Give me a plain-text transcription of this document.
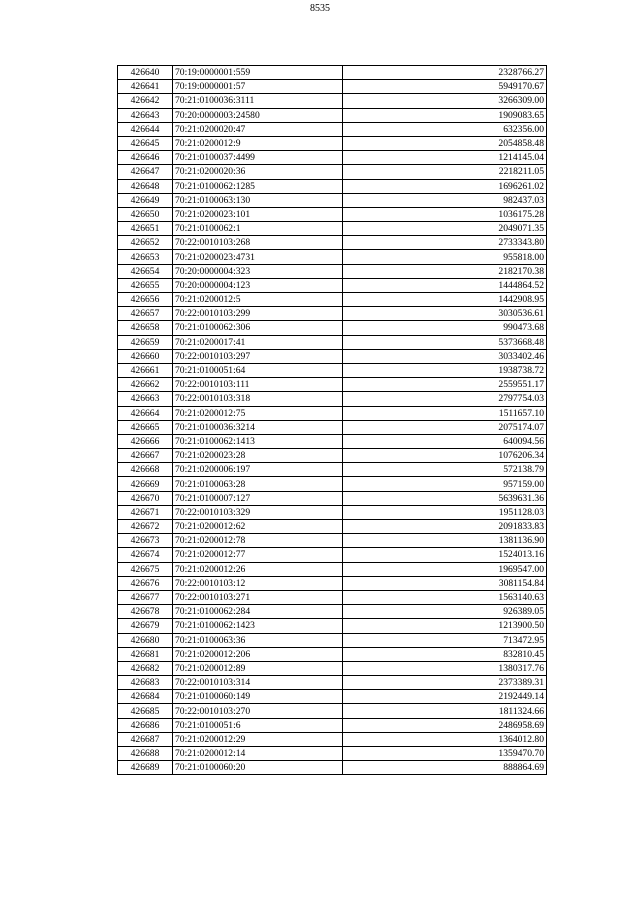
8535
426640	70:19:0000001:559	2328766.27
426641	70:19:0000001:57	5949170.67
426642	70:21:0100036:3111	3266309.00
426643	70:20:0000003:24580	1909083.65
426644	70:21:0200020:47	632356.00
426645	70:21:0200012:9	2054858.48
426646	70:21:0100037:4499	1214145.04
426647	70:21:0200020:36	2218211.05
426648	70:21:0100062:1285	1696261.02
426649	70:21:0100063:130	982437.03
426650	70:21:0200023:101	1036175.28
426651	70:21:0100062:1	2049071.35
426652	70:22:0010103:268	2733343.80
426653	70:21:0200023:4731	955818.00
426654	70:20:0000004:323	2182170.38
426655	70:20:0000004:123	1444864.52
426656	70:21:0200012:5	1442908.95
426657	70:22:0010103:299	3030536.61
426658	70:21:0100062:306	990473.68
426659	70:21:0200017:41	5373668.48
426660	70:22:0010103:297	3033402.46
426661	70:21:0100051:64	1938738.72
426662	70:22:0010103:111	2559551.17
426663	70:22:0010103:318	2797754.03
426664	70:21:0200012:75	1511657.10
426665	70:21:0100036:3214	2075174.07
426666	70:21:0100062:1413	640094.56
426667	70:21:0200023:28	1076206.34
426668	70:21:0200006:197	572138.79
426669	70:21:0100063:28	957159.00
426670	70:21:0100007:127	5639631.36
426671	70:22:0010103:329	1951128.03
426672	70:21:0200012:62	2091833.83
426673	70:21:0200012:78	1381136.90
426674	70:21:0200012:77	1524013.16
426675	70:21:0200012:26	1969547.00
426676	70:22:0010103:12	3081154.84
426677	70:22:0010103:271	1563140.63
426678	70:21:0100062:284	926389.05
426679	70:21:0100062:1423	1213900.50
426680	70:21:0100063:36	713472.95
426681	70:21:0200012:206	832810.45
426682	70:21:0200012:89	1380317.76
426683	70:22:0010103:314	2373389.31
426684	70:21:0100060:149	2192449.14
426685	70:22:0010103:270	1811324.66
426686	70:21:0100051:6	2486958.69
426687	70:21:0200012:29	1364012.80
426688	70:21:0200012:14	1359470.70
426689	70:21:0100060:20	888864.69
